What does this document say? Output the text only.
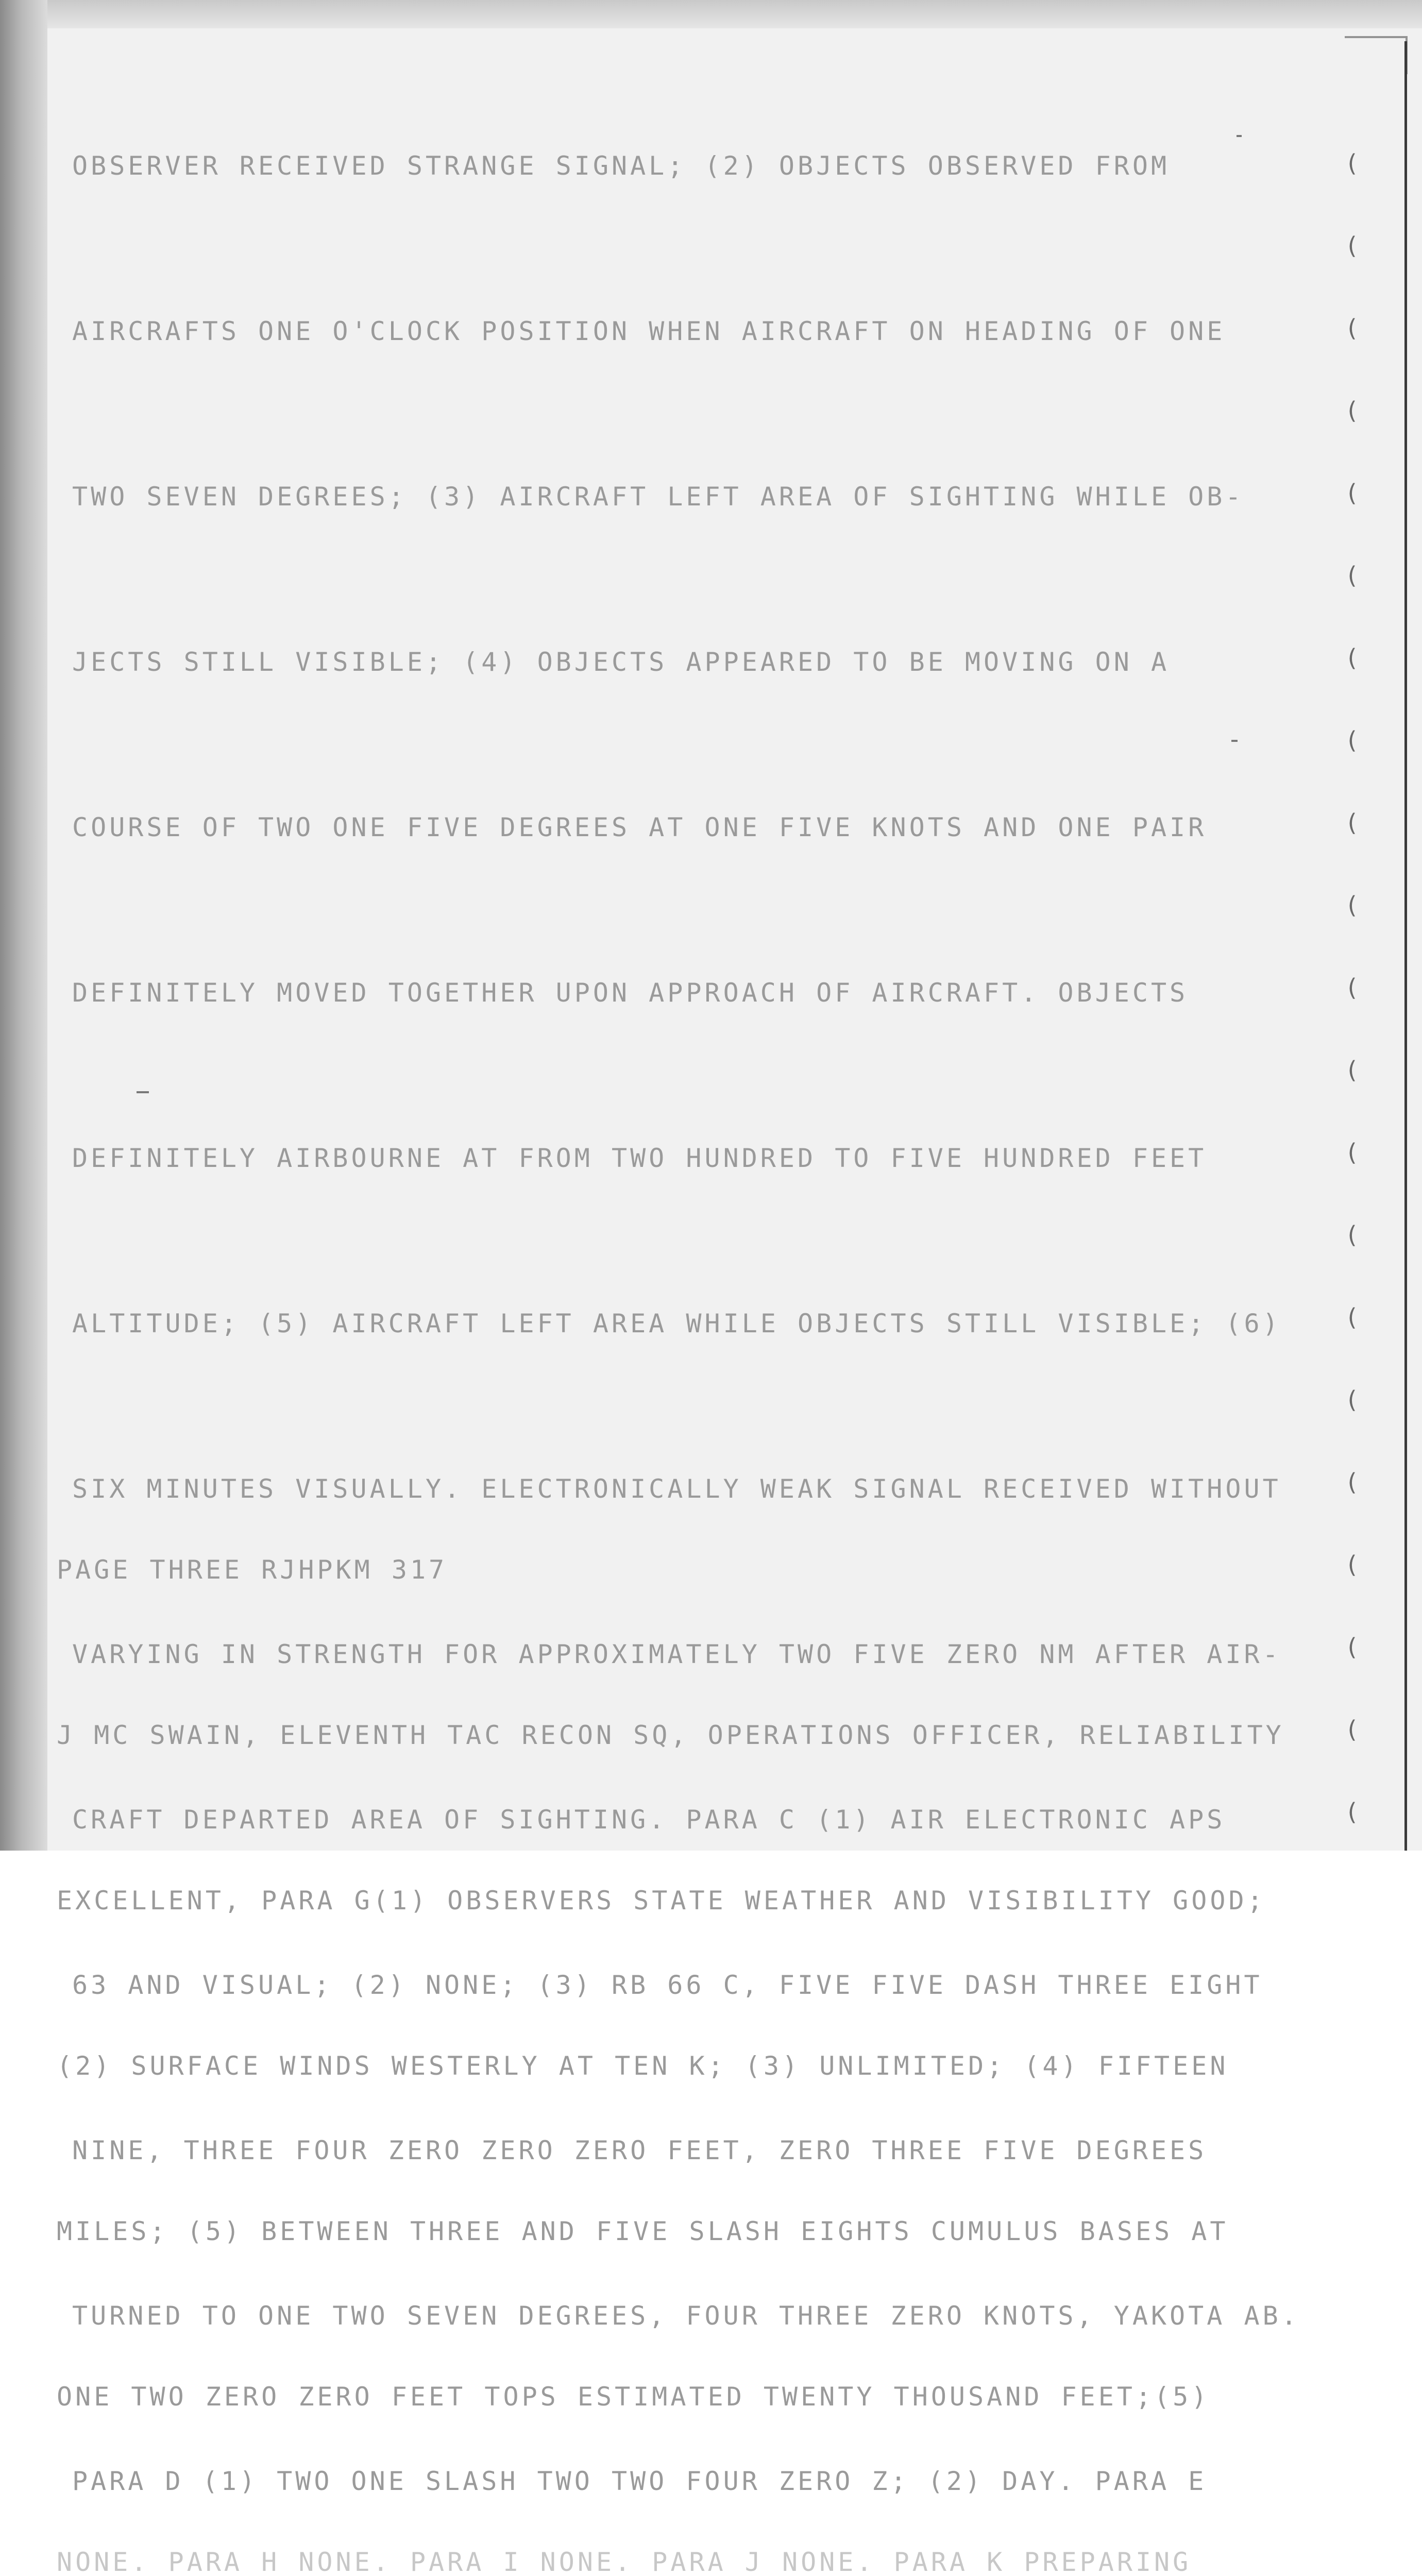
(
(
(
(
(
(
(
(
(
(
(
(
(
(
(
(
(
(
(
(
(

OBSERVER RECEIVED STRANGE SIGNAL; (2) OBJECTS OBSERVED FROM

AIRCRAFTS ONE O'CLOCK POSITION WHEN AIRCRAFT ON HEADING OF ONE

TWO SEVEN DEGREES; (3) AIRCRAFT LEFT AREA OF SIGHTING WHILE OB-

JECTS STILL VISIBLE; (4) OBJECTS APPEARED TO BE MOVING ON A

COURSE OF TWO ONE FIVE DEGREES AT ONE FIVE KNOTS AND ONE PAIR

DEFINITELY MOVED TOGETHER UPON APPROACH OF AIRCRAFT. OBJECTS

DEFINITELY AIRBOURNE AT FROM TWO HUNDRED TO FIVE HUNDRED FEET

ALTITUDE; (5) AIRCRAFT LEFT AREA WHILE OBJECTS STILL VISIBLE; (6)

SIX MINUTES VISUALLY. ELECTRONICALLY WEAK SIGNAL RECEIVED WITHOUT

VARYING IN STRENGTH FOR APPROXIMATELY TWO FIVE ZERO NM AFTER AIR-

CRAFT DEPARTED AREA OF SIGHTING. PARA C (1) AIR ELECTRONIC APS

63 AND VISUAL; (2) NONE; (3) RB 66 C, FIVE FIVE DASH THREE EIGHT

NINE, THREE FOUR ZERO ZERO ZERO FEET, ZERO THREE FIVE DEGREES

TURNED TO ONE TWO SEVEN DEGREES, FOUR THREE ZERO KNOTS, YAKOTA AB.

PARA D (1) TWO ONE SLASH TWO TWO FOUR ZERO Z; (2) DAY. PARA E

PAGE THREE RJHPKM 317

J MC SWAIN, ELEVENTH TAC RECON SQ, OPERATIONS OFFICER, RELIABILITY

EXCELLENT, PARA G(1) OBSERVERS STATE WEATHER AND VISIBILITY GOOD;

(2) SURFACE WINDS WESTERLY AT TEN K; (3) UNLIMITED; (4) FIFTEEN

MILES; (5) BETWEEN THREE AND FIVE SLASH EIGHTS CUMULUS BASES AT

ONE TWO ZERO ZERO FEET TOPS ESTIMATED TWENTY THOUSAND FEET;(5)

NONE. PARA H NONE. PARA I NONE. PARA J NONE. PARA K PREPARING
